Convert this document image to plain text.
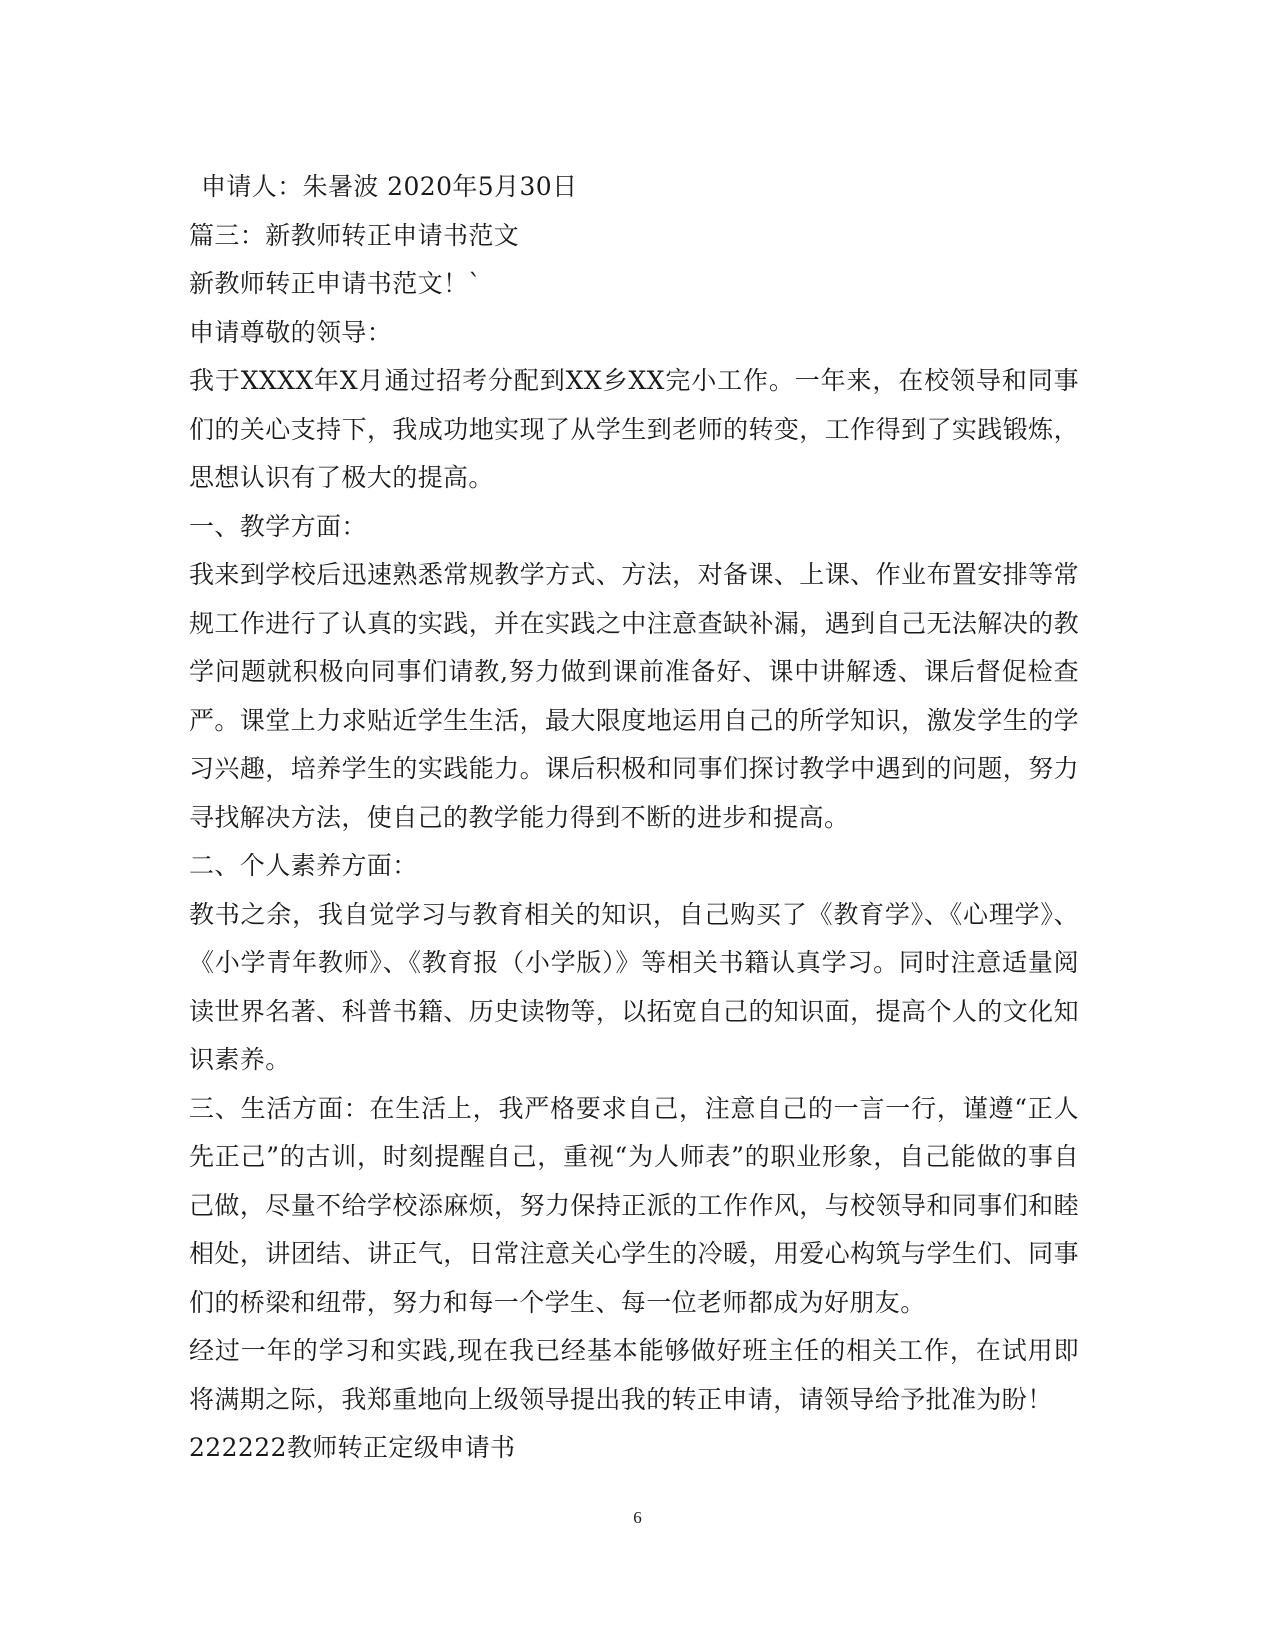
申请人：朱暑波 2020年5月30日

篇三：新教师转正申请书范文

新教师转正申请书范文！`

申请尊敬的领导：

我于XXXX年X月通过招考分配到XX乡XX完小工作。一年来，在校领导和同事们的关心支持下，我成功地实现了从学生到老师的转变，工作得到了实践锻炼，思想认识有了极大的提高。

一、教学方面：

我来到学校后迅速熟悉常规教学方式、方法，对备课、上课、作业布置安排等常规工作进行了认真的实践，并在实践之中注意查缺补漏，遇到自己无法解决的教学问题就积极向同事们请教,努力做到课前准备好、课中讲解透、课后督促检查严。课堂上力求贴近学生生活，最大限度地运用自己的所学知识，激发学生的学习兴趣，培养学生的实践能力。课后积极和同事们探讨教学中遇到的问题，努力寻找解决方法，使自己的教学能力得到不断的进步和提高。

二、个人素养方面：

教书之余，我自觉学习与教育相关的知识，自己购买了《教育学》、《心理学》、《小学青年教师》、《教育报（小学版）》等相关书籍认真学习。同时注意适量阅读世界名著、科普书籍、历史读物等，以拓宽自己的知识面，提高个人的文化知识素养。

三、生活方面：在生活上，我严格要求自己，注意自己的一言一行，谨遵“正人先正己”的古训，时刻提醒自己，重视“为人师表”的职业形象，自己能做的事自己做，尽量不给学校添麻烦，努力保持正派的工作作风，与校领导和同事们和睦相处，讲团结、讲正气，日常注意关心学生的冷暖，用爱心构筑与学生们、同事们的桥梁和纽带，努力和每一个学生、每一位老师都成为好朋友。

经过一年的学习和实践,现在我已经基本能够做好班主任的相关工作，在试用即将满期之际，我郑重地向上级领导提出我的转正申请，请领导给予批准为盼！

222222教师转正定级申请书

6
